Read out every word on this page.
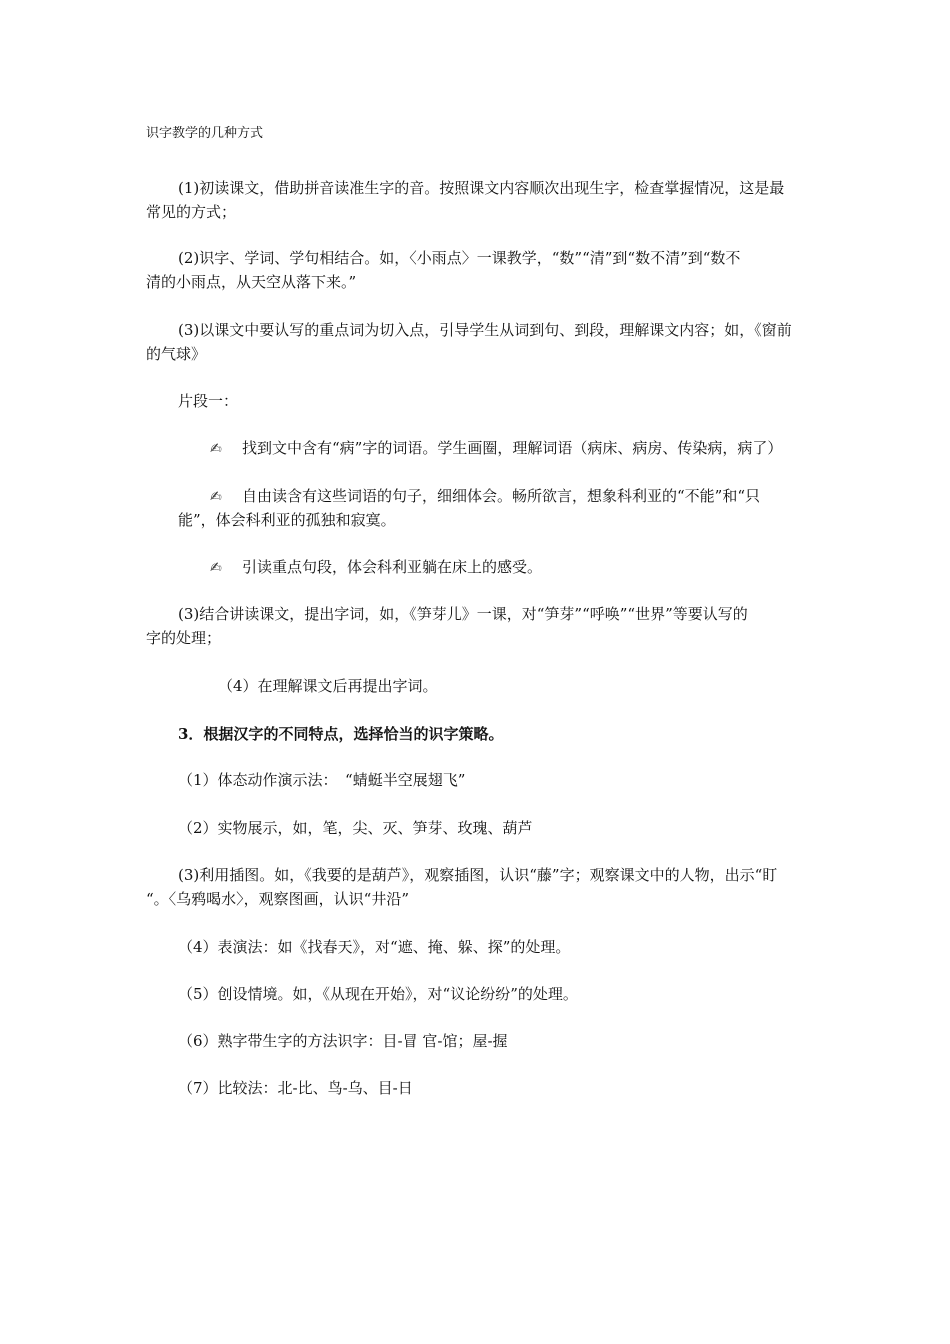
识字教学的几种方式
(1)初读课文，借助拼音读准生字的音。按照课文内容顺次出现生字，检查掌握情况，这是最
常见的方式；
(2)识字、学词、学句相结合。如，〈小雨点〉一课教学，“数”“清”到“数不清”到“数不
清的小雨点，从天空从落下来。”
(3)以课文中要认写的重点词为切入点，引导学生从词到句、到段，理解课文内容；如，《窗前
的气球》
片段一：
✍ 找到文中含有“病”字的词语。学生画圈，理解词语（病床、病房、传染病，病了）
✍ 自由读含有这些词语的句子，细细体会。畅所欲言，想象科利亚的“不能”和“只
能”，体会科利亚的孤独和寂寞。
✍ 引读重点句段，体会科利亚躺在床上的感受。
(3)结合讲读课文，提出字词，如，《笋芽儿》一课，对“笋芽”“呼唤”“世界”等要认写的
字的处理；
（4）在理解课文后再提出字词。
3．根据汉字的不同特点，选择恰当的识字策略。
（1）体态动作演示法：　“蜻蜓半空展翅飞”
（2）实物展示，如，笔，尖、灭、笋芽、玫瑰、葫芦
(3)利用插图。如，《我要的是葫芦》，观察插图，认识“藤”字；观察课文中的人物，出示“盯
“。〈乌鸦喝水〉，观察图画，认识“井沿”
（4）表演法：如《找春天》，对“遮、掩、躲、探”的处理。
（5）创设情境。如，《从现在开始》，对“议论纷纷”的处理。
（6）熟字带生字的方法识字：目-冒 官-馆；屋-握
（7）比较法：北-比、鸟-乌、目-日
